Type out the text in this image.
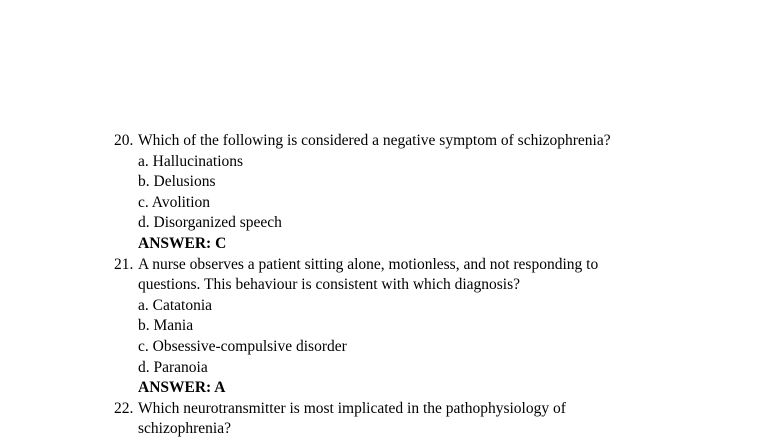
20. Which of the following is considered a negative symptom of schizophrenia?
a. Hallucinations
b. Delusions
c. Avolition
d. Disorganized speech
ANSWER: C
21. A nurse observes a patient sitting alone, motionless, and not responding to
questions. This behaviour is consistent with which diagnosis?
a. Catatonia
b. Mania
c. Obsessive-compulsive disorder
d. Paranoia
ANSWER: A
22. Which neurotransmitter is most implicated in the pathophysiology of
schizophrenia?
